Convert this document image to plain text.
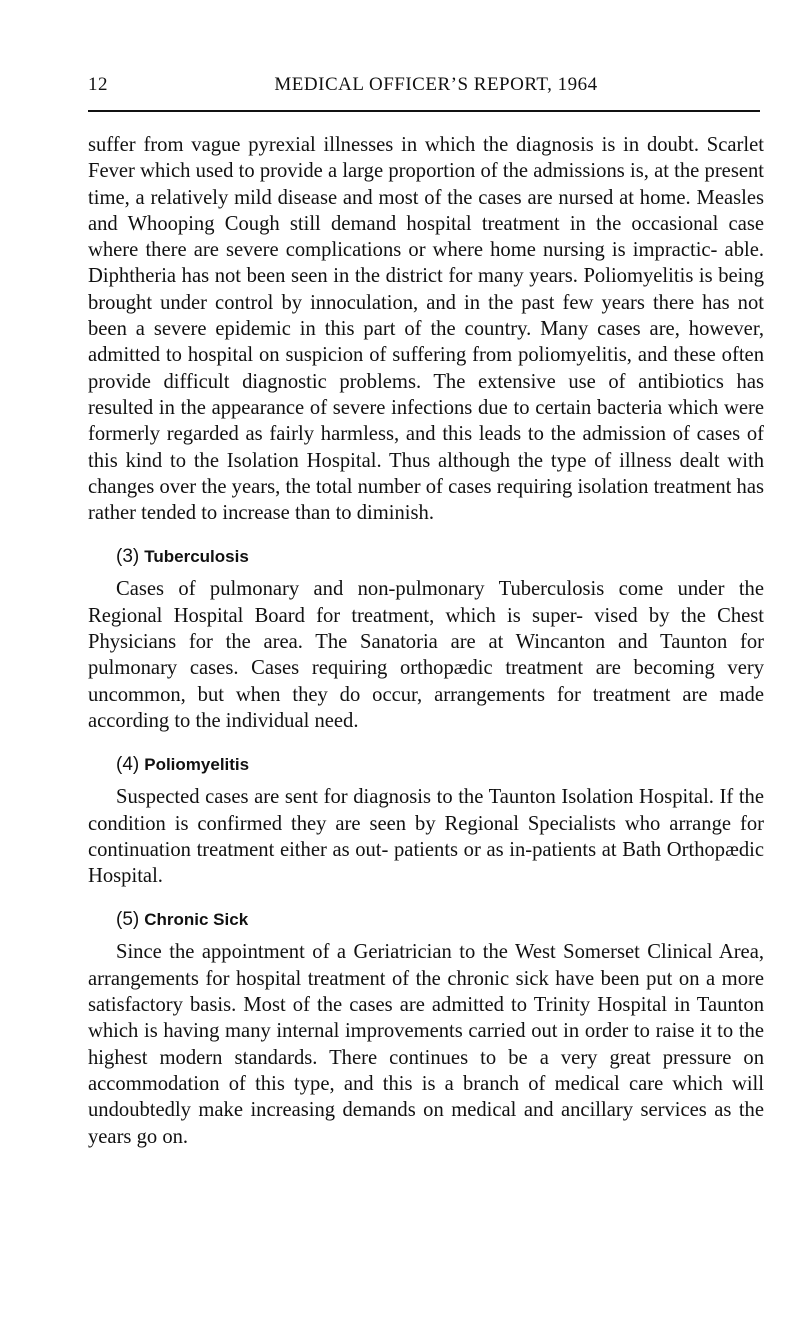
12	MEDICAL OFFICER’S REPORT, 1964

suffer from vague pyrexial illnesses in which the diagnosis is in doubt. Scarlet Fever which used to provide a large proportion of the admissions is, at the present time, a relatively mild disease and most of the cases are nursed at home. Measles and Whooping Cough still demand hospital treatment in the occasional case where there are severe complications or where home nursing is impractic- able. Diphtheria has not been seen in the district for many years. Poliomyelitis is being brought under control by innoculation, and in the past few years there has not been a severe epidemic in this part of the country. Many cases are, however, admitted to hospital on suspicion of suffering from poliomyelitis, and these often provide difficult diagnostic problems. The extensive use of antibiotics has resulted in the appearance of severe infections due to certain bacteria which were formerly regarded as fairly harmless, and this leads to the admission of cases of this kind to the Isolation Hospital. Thus although the type of illness dealt with changes over the years, the total number of cases requiring isolation treatment has rather tended to increase than to diminish.

(3) Tuberculosis

Cases of pulmonary and non-pulmonary Tuberculosis come under the Regional Hospital Board for treatment, which is super- vised by the Chest Physicians for the area. The Sanatoria are at Wincanton and Taunton for pulmonary cases. Cases requiring orthopædic treatment are becoming very uncommon, but when they do occur, arrangements for treatment are made according to the individual need.

(4) Poliomyelitis

Suspected cases are sent for diagnosis to the Taunton Isolation Hospital. If the condition is confirmed they are seen by Regional Specialists who arrange for continuation treatment either as out- patients or as in-patients at Bath Orthopædic Hospital.

(5) Chronic Sick

Since the appointment of a Geriatrician to the West Somerset Clinical Area, arrangements for hospital treatment of the chronic sick have been put on a more satisfactory basis. Most of the cases are admitted to Trinity Hospital in Taunton which is having many internal improvements carried out in order to raise it to the highest modern standards. There continues to be a very great pressure on accommodation of this type, and this is a branch of medical care which will undoubtedly make increasing demands on medical and ancillary services as the years go on.
